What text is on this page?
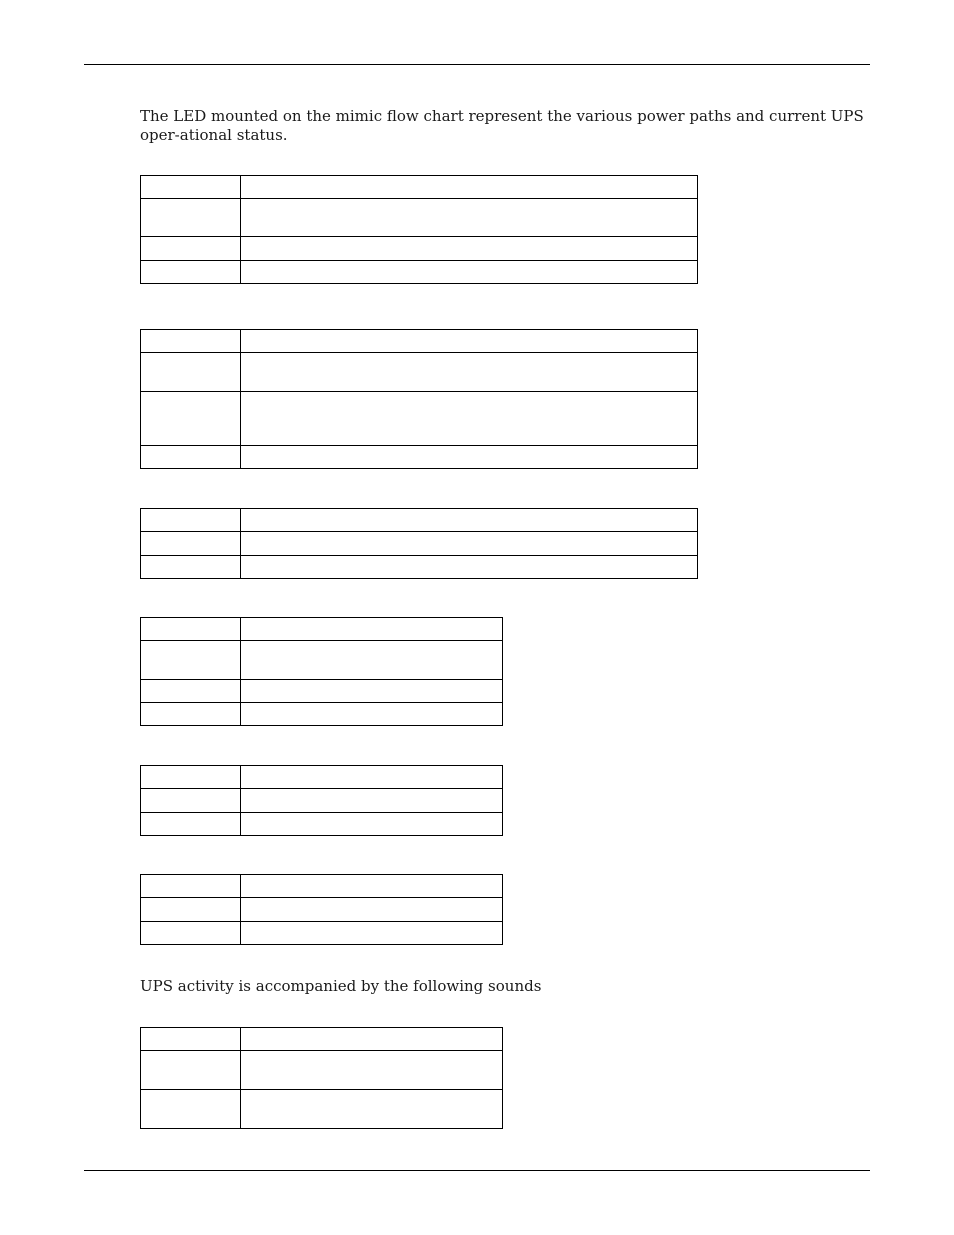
The LED mounted on the mimic flow chart represent the various power paths and current UPS oper-ational status.

UPS activity is accompanied by the following sounds
